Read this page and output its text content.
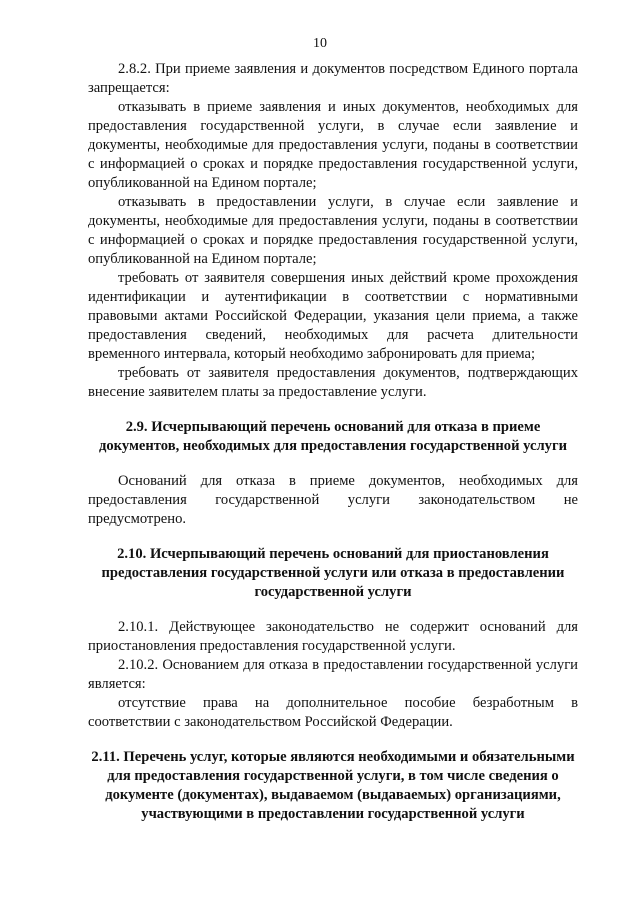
10

2.8.2. При приеме заявления и документов посредством Единого портала запрещается:

отказывать в приеме заявления и иных документов, необходимых для предоставления государственной услуги, в случае если заявление и документы, необходимые для предоставления услуги, поданы в соответствии с информацией о сроках и порядке предоставления государственной услуги, опубликованной на Едином портале;

отказывать в предоставлении услуги, в случае если заявление и документы, необходимые для предоставления услуги, поданы в соответствии с информацией о сроках и порядке предоставления государственной услуги, опубликованной на Едином портале;

требовать от заявителя совершения иных действий кроме прохождения идентификации и аутентификации в соответствии с нормативными правовыми актами Российской Федерации, указания цели приема, а также предоставления сведений, необходимых для расчета длительности временного интервала, который необходимо забронировать для приема;

требовать от заявителя предоставления документов, подтверждающих внесение заявителем платы за предоставление услуги.

2.9. Исчерпывающий перечень оснований для отказа в приеме документов, необходимых для предоставления государственной услуги

Оснований для отказа в приеме документов, необходимых для предоставления государственной услуги законодательством не предусмотрено.

2.10. Исчерпывающий перечень оснований для приостановления предоставления государственной услуги или отказа в предоставлении государственной услуги

2.10.1. Действующее законодательство не содержит оснований для приостановления предоставления государственной услуги.

2.10.2. Основанием для отказа в предоставлении государственной услуги является:

отсутствие права на дополнительное пособие безработным в соответствии с законодательством Российской Федерации.

2.11. Перечень услуг, которые являются необходимыми и обязательными для предоставления государственной услуги, в том числе сведения о документе (документах), выдаваемом (выдаваемых) организациями, участвующими в предоставлении государственной услуги
